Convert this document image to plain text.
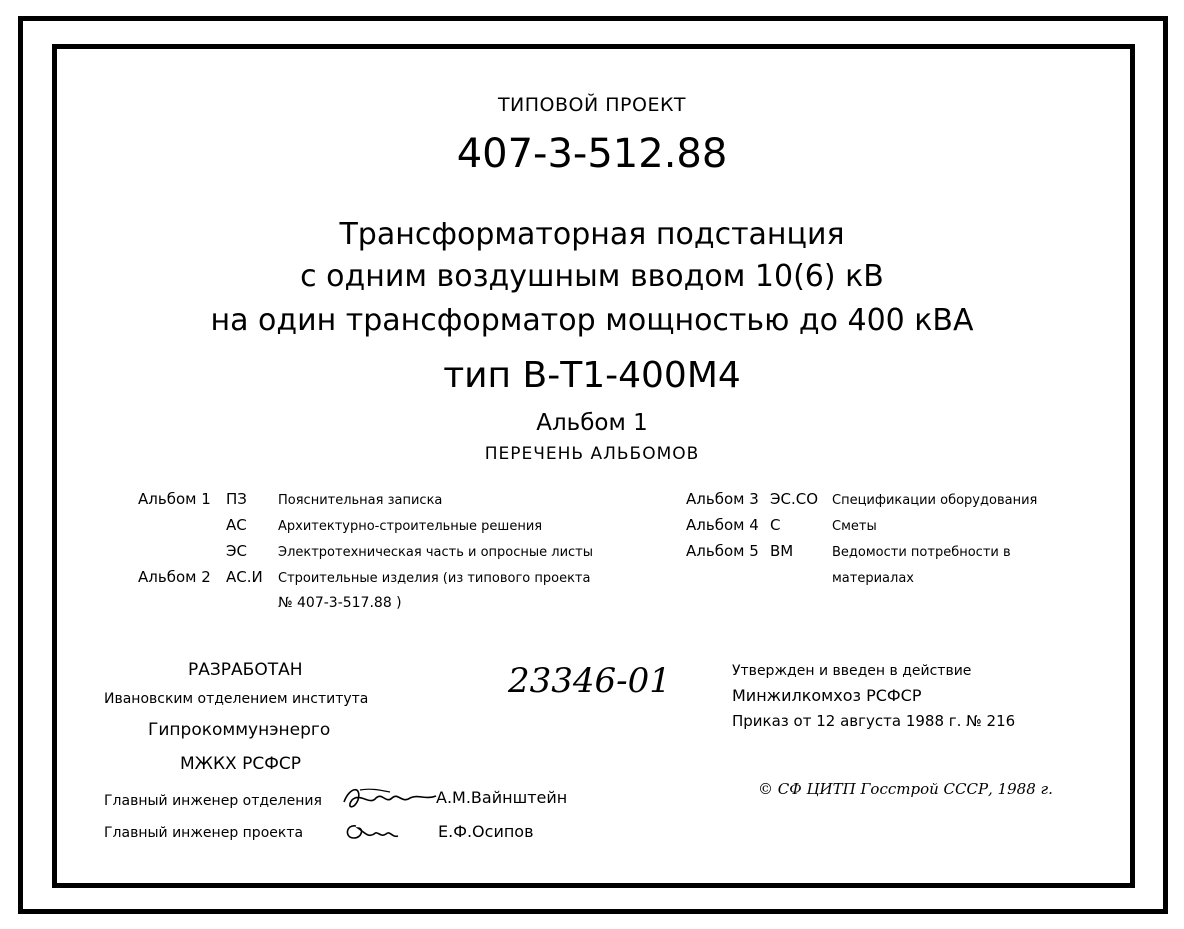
ТИПОВОЙ ПРОЕКТ
407-3-512.88
Трансформаторная подстанция
с одним воздушным вводом 10(6) кВ
на один трансформатор мощностью до 400 кВА
тип В-Т1-400М4
Альбом 1
ПЕРЕЧЕНЬ АЛЬБОМОВ
Альбом 1 ПЗ Пояснительная записка
АС Архитектурно-строительные решения
ЭС Электротехническая часть и опросные листы
Альбом 2 АС.И Строительные изделия (из типового проекта
№ 407-3-517.88 )
Альбом 3 ЭС.СО Спецификации оборудования
Альбом 4 С	Сметы
Альбом 5 ВМ	Ведомости потребности в
материалах
РАЗРАБОТАН
Ивановским отделением института
Гипрокоммунэнерго
МЖКХ РСФСР
23346-01	Утвержден и введен в действие
Минжилкомхоз РСФСР
Приказ от 12 августа 1988 г. № 216
© СФ ЦИТП Госстрой СССР, 1988 г.
Главный инженер отделения	А.М.Вайнштейн
Главный инженер проекта	Е.Ф.Осипов
